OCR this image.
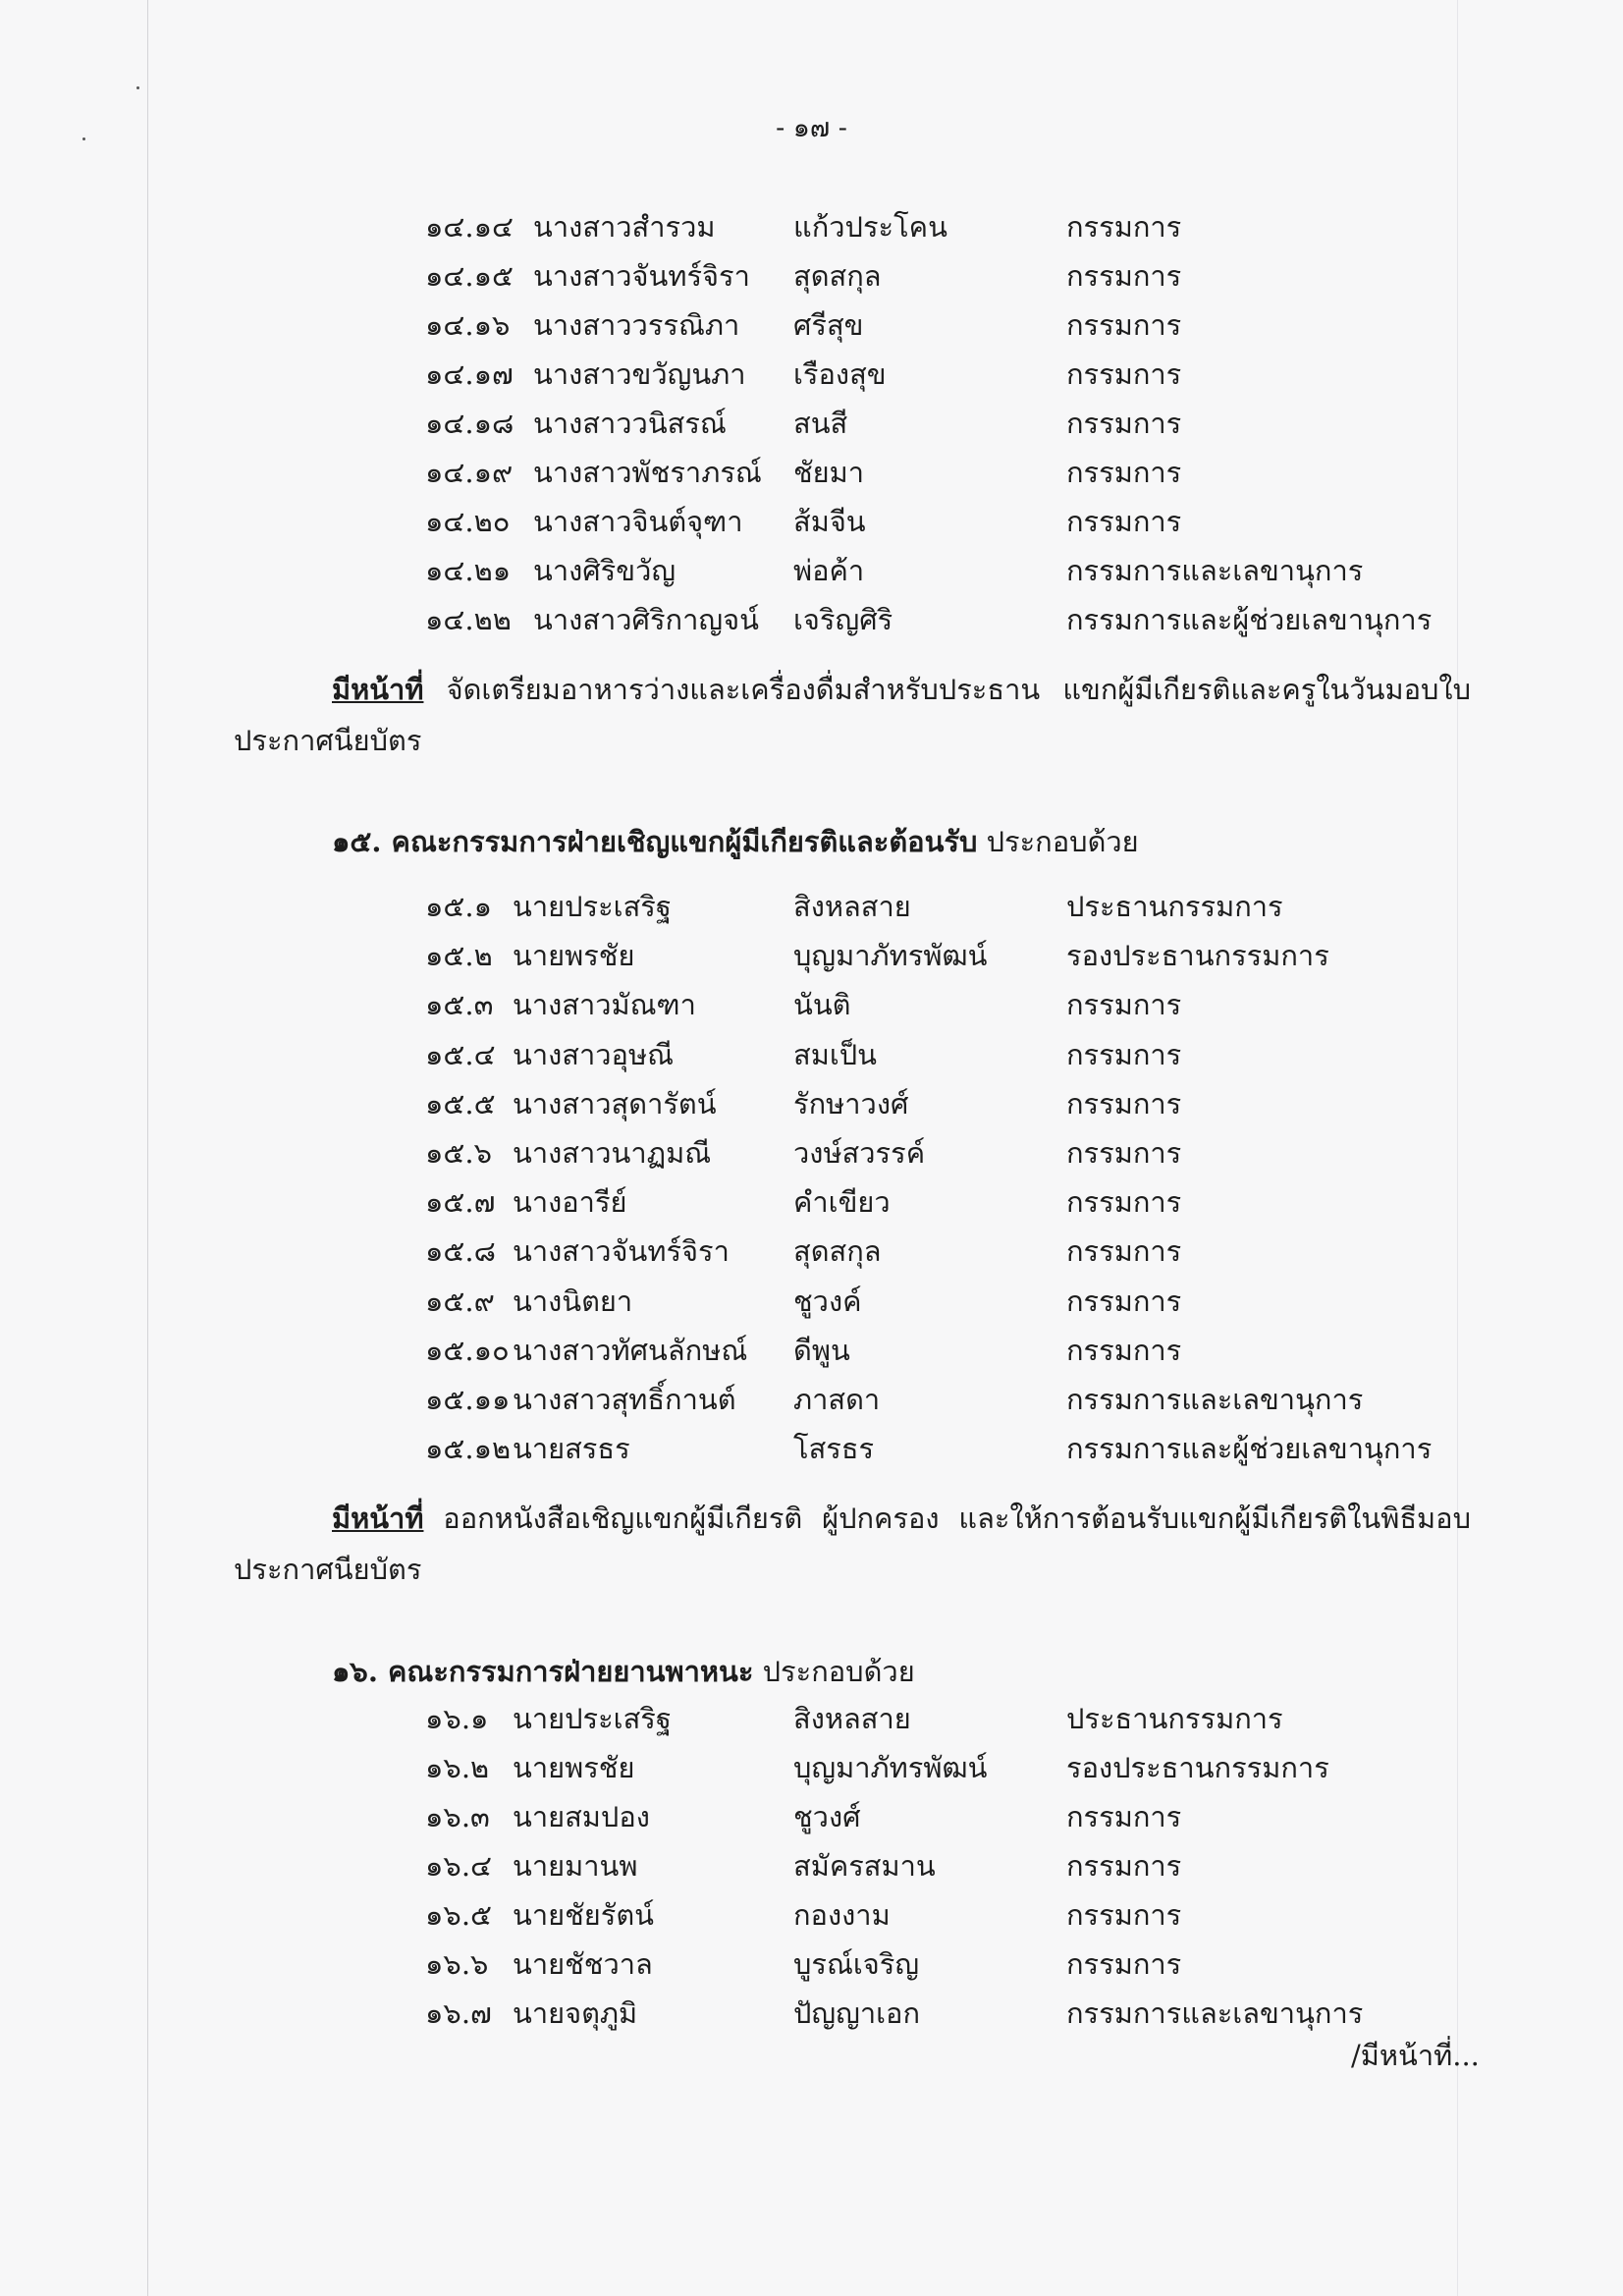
- ๑๗ -
๑๔.๑๔ นางสาวสำรวม	แก้วประโคน	กรรมการ
๑๔.๑๕ นางสาวจันทร์จิรา สุดสกุล	กรรมการ
๑๔.๑๖ นางสาววรรณิภา ศรีสุข	กรรมการ
๑๔.๑๗ นางสาวขวัญนภา เรืองสุข	กรรมการ
๑๔.๑๘ นางสาววนิสรณ์ สนสี	กรรมการ
๑๔.๑๙ นางสาวพัชราภรณ์ ชัยมา	กรรมการ
๑๔.๒๐ นางสาวจินต์จุฑา ส้มจีน	กรรมการ
๑๔.๒๑ นางศิริขวัญ	พ่อค้า	กรรมการและเลขานุการ
๑๔.๒๒ นางสาวศิริกาญจน์ เจริญศิริ	กรรมการและผู้ช่วยเลขานุการ
มีหน้าที่ จัดเตรียมอาหารว่างและเครื่องดื่มสำหรับประธาน แขกผู้มีเกียรติและครูในวันมอบใบประกาศนียบัตร
๑๕. คณะกรรมการฝ่ายเชิญแขกผู้มีเกียรติและต้อนรับ ประกอบด้วย
๑๕.๑ นายประเสริฐ	สิงหลสาย	ประธานกรรมการ
๑๕.๒ นายพรชัย	บุญมาภัทรพัฒน์	รองประธานกรรมการ
๑๕.๓ นางสาวมัณฑา	นันติ	กรรมการ
๑๕.๔ นางสาวอุษณี	สมเป็น	กรรมการ
๑๕.๕ นางสาวสุดารัตน์	รักษาวงศ์	กรรมการ
๑๕.๖ นางสาวนาฏมณี	วงษ์สวรรค์	กรรมการ
๑๕.๗ นางอารีย์	คำเขียว	กรรมการ
๑๕.๘ นางสาวจันทร์จิรา สุดสกุล	กรรมการ
๑๕.๙ นางนิตยา	ชูวงค์	กรรมการ
๑๕.๑๐ นางสาวทัศนลักษณ์ ดีพูน	กรรมการ
๑๕.๑๑ นางสาวสุทธิ์กานต์ ภาสดา	กรรมการและเลขานุการ
๑๕.๑๒ นายสรธร	โสรธร	กรรมการและผู้ช่วยเลขานุการ
มีหน้าที่ ออกหนังสือเชิญแขกผู้มีเกียรติ ผู้ปกครอง และให้การต้อนรับแขกผู้มีเกียรติในพิธีมอบประกาศนียบัตร
๑๖. คณะกรรมการฝ่ายยานพาหนะ ประกอบด้วย
๑๖.๑ นายประเสริฐ	สิงหลสาย	ประธานกรรมการ
๑๖.๒ นายพรชัย	บุญมาภัทรพัฒน์	รองประธานกรรมการ
๑๖.๓ นายสมปอง	ชูวงศ์	กรรมการ
๑๖.๔ นายมานพ	สมัครสมาน	กรรมการ
๑๖.๕ นายชัยรัตน์	กองงาม	กรรมการ
๑๖.๖ นายชัชวาล	บูรณ์เจริญ	กรรมการ
๑๖.๗ นายจตุภูมิ	ปัญญาเอก	กรรมการและเลขานุการ
/มีหน้าที่...
